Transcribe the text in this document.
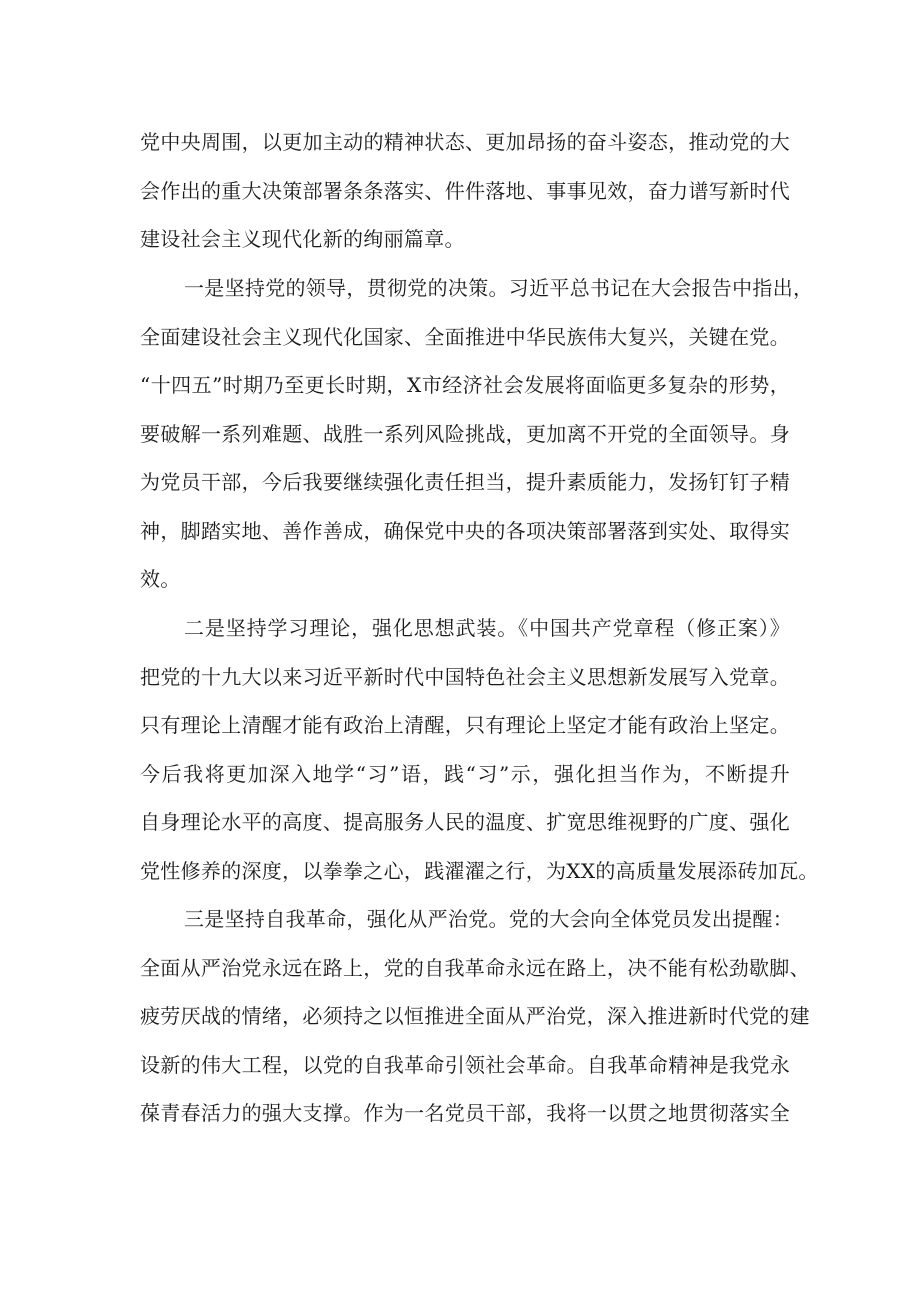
党中央周围，以更加主动的精神状态、更加昂扬的奋斗姿态，推动党的大
会作出的重大决策部署条条落实、件件落地、事事见效，奋力谱写新时代
建设社会主义现代化新的绚丽篇章。
一是坚持党的领导，贯彻党的决策。习近平总书记在大会报告中指出，
全面建设社会主义现代化国家、全面推进中华民族伟大复兴，关键在党。
“十四五”时期乃至更长时期，X市经济社会发展将面临更多复杂的形势，
要破解一系列难题、战胜一系列风险挑战，更加离不开党的全面领导。身
为党员干部，今后我要继续强化责任担当，提升素质能力，发扬钉钉子精
神，脚踏实地、善作善成，确保党中央的各项决策部署落到实处、取得实
效。
二是坚持学习理论，强化思想武装。《中国共产党章程（修正案）》
把党的十九大以来习近平新时代中国特色社会主义思想新发展写入党章。
只有理论上清醒才能有政治上清醒，只有理论上坚定才能有政治上坚定。
今后我将更加深入地学“习”语，践“习”示，强化担当作为，不断提升
自身理论水平的高度、提高服务人民的温度、扩宽思维视野的广度、强化
党性修养的深度，以拳拳之心，践濯濯之行，为XX的高质量发展添砖加瓦。
三是坚持自我革命，强化从严治党。党的大会向全体党员发出提醒：
全面从严治党永远在路上，党的自我革命永远在路上，决不能有松劲歇脚、
疲劳厌战的情绪，必须持之以恒推进全面从严治党，深入推进新时代党的建
设新的伟大工程，以党的自我革命引领社会革命。自我革命精神是我党永
葆青春活力的强大支撑。作为一名党员干部，我将一以贯之地贯彻落实全
